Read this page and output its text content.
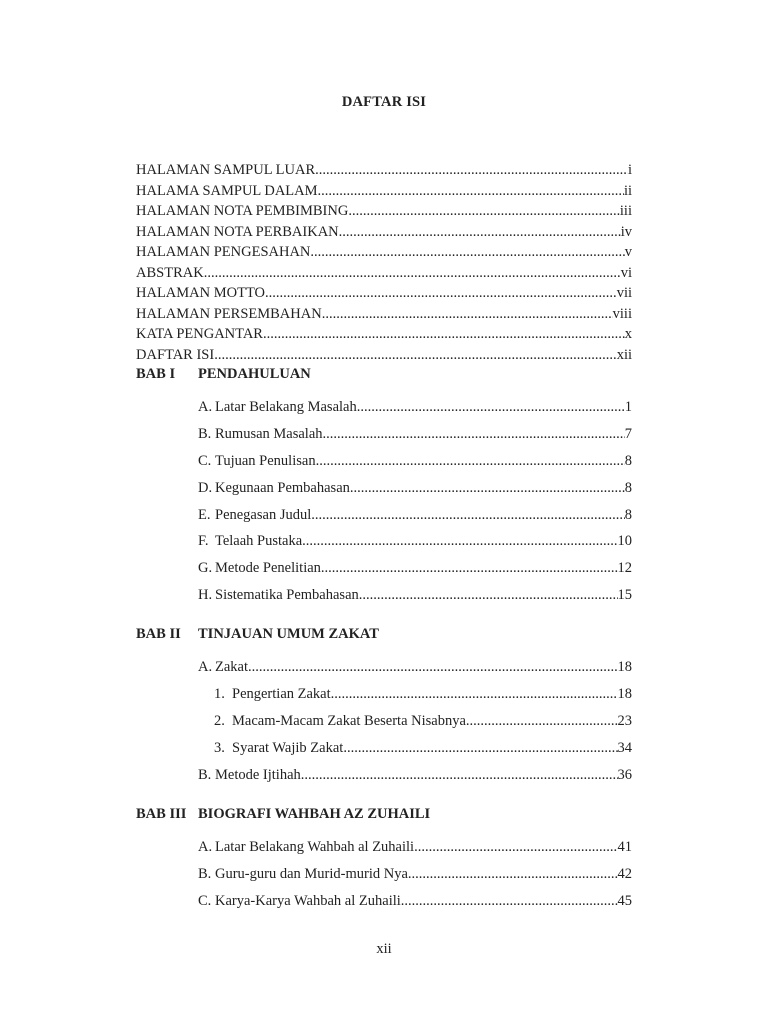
DAFTAR ISI
HALAMAN SAMPUL LUAR .....	i
HALAMA SAMPUL DALAM .....	ii
HALAMAN NOTA PEMBIMBING .....	iii
HALAMAN NOTA PERBAIKAN .....	iv
HALAMAN PENGESAHAN .....	v
ABSTRAK .....	vi
HALAMAN MOTTO .....	vii
HALAMAN PERSEMBAHAN .....	viii
KATA PENGANTAR .....	x
DAFTAR ISI .....	xii
BAB I	PENDAHULUAN
A. Latar Belakang Masalah .....	1
B. Rumusan Masalah .....	7
C. Tujuan Penulisan .....	8
D. Kegunaan Pembahasan .....	8
E. Penegasan Judul .....	8
F. Telaah Pustaka .....	10
G. Metode Penelitian .....	12
H. Sistematika Pembahasan .....	15
BAB II	TINJAUAN UMUM ZAKAT
A. Zakat .....	18
1. Pengertian Zakat .....	18
2. Macam-Macam Zakat Beserta Nisabnya .....	23
3. Syarat Wajib Zakat .....	34
B. Metode Ijtihah .....	36
BAB III BIOGRAFI WAHBAH AZ ZUHAILI
A. Latar Belakang Wahbah al Zuhaili .....	41
B. Guru-guru dan Murid-murid Nya .....	42
C. Karya-Karya Wahbah al Zuhaili .....	45
xii
